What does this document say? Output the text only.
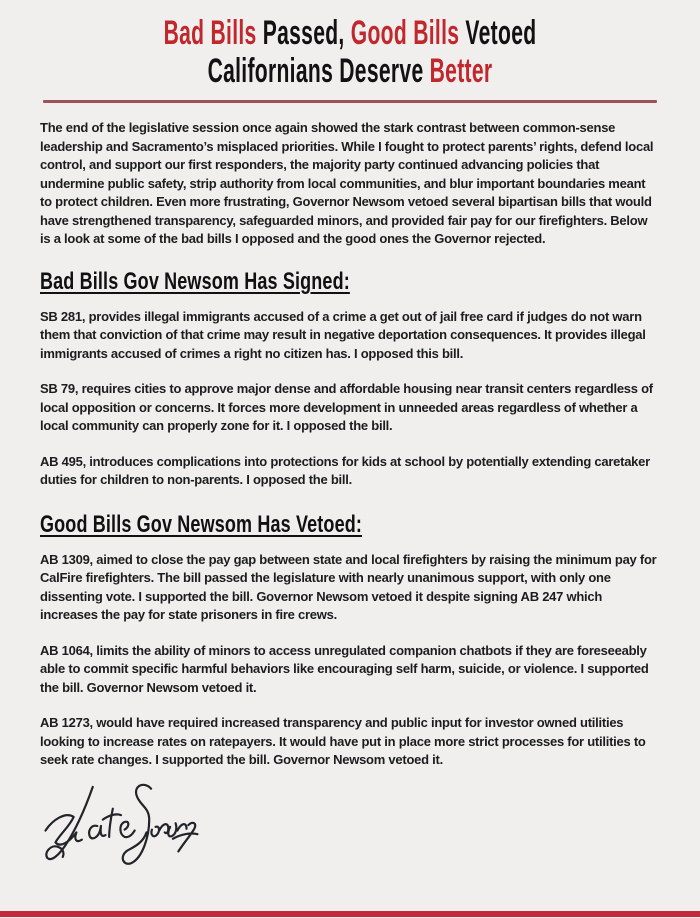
Bad Bills Passed, Good Bills Vetoed
Californians Deserve Better

The end of the legislative session once again showed the stark contrast between common-sense leadership and Sacramento’s misplaced priorities. While I fought to protect parents’ rights, defend local control, and support our first responders, the majority party continued advancing policies that undermine public safety, strip authority from local communities, and blur important boundaries meant to protect children. Even more frustrating, Governor Newsom vetoed several bipartisan bills that would have strengthened transparency, safeguarded minors, and provided fair pay for our firefighters. Below is a look at some of the bad bills I opposed and the good ones the Governor rejected.

Bad Bills Gov Newsom Has Signed:

SB 281, provides illegal immigrants accused of a crime a get out of jail free card if judges do not warn them that conviction of that crime may result in negative deportation consequences. It provides illegal immigrants accused of crimes a right no citizen has. I opposed this bill.

SB 79, requires cities to approve major dense and affordable housing near transit centers regardless of local opposition or concerns. It forces more development in unneeded areas regardless of whether a local community can properly zone for it. I opposed the bill.

AB 495, introduces complications into protections for kids at school by potentially extending caretaker duties for children to non-parents. I opposed the bill.

Good Bills Gov Newsom Has Vetoed:

AB 1309, aimed to close the pay gap between state and local firefighters by raising the minimum pay for CalFire firefighters. The bill passed the legislature with nearly unanimous support, with only one dissenting vote. I supported the bill. Governor Newsom vetoed it despite signing AB 247 which increases the pay for state prisoners in fire crews.

AB 1064, limits the ability of minors to access unregulated companion chatbots if they are foreseeably able to commit specific harmful behaviors like encouraging self harm, suicide, or violence. I supported the bill. Governor Newsom vetoed it.

AB 1273, would have required increased transparency and public input for investor owned utilities looking to increase rates on ratepayers. It would have put in place more strict processes for utilities to seek rate changes. I supported the bill. Governor Newsom vetoed it.
